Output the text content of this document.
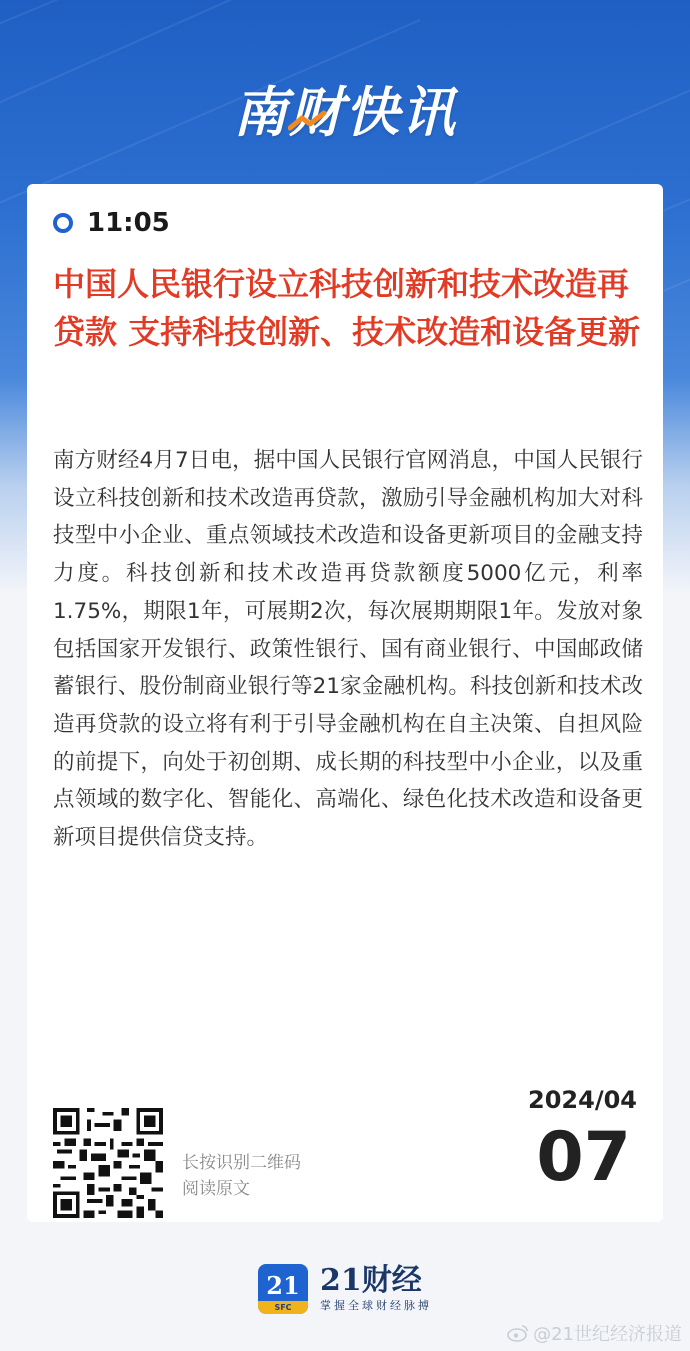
南财快讯
11:05
中国人民银行设立科技创新和技术改造再贷款 支持科技创新、技术改造和设备更新
南方财经4月7日电，据中国人民银行官网消息，中国人民银行设立科技创新和技术改造再贷款，激励引导金融机构加大对科技型中小企业、重点领域技术改造和设备更新项目的金融支持力度。科技创新和技术改造再贷款额度5000亿元，利率1.75%，期限1年，可展期2次，每次展期期限1年。发放对象包括国家开发银行、政策性银行、国有商业银行、中国邮政储蓄银行、股份制商业银行等21家金融机构。科技创新和技术改造再贷款的设立将有利于引导金融机构在自主决策、自担风险的前提下，向处于初创期、成长期的科技型中小企业，以及重点领域的数字化、智能化、高端化、绿色化技术改造和设备更新项目提供信贷支持。
长按识别二维码
阅读原文
2024/04
07
21
SFC
21财经
掌握全球财经脉搏
@21世纪经济报道
